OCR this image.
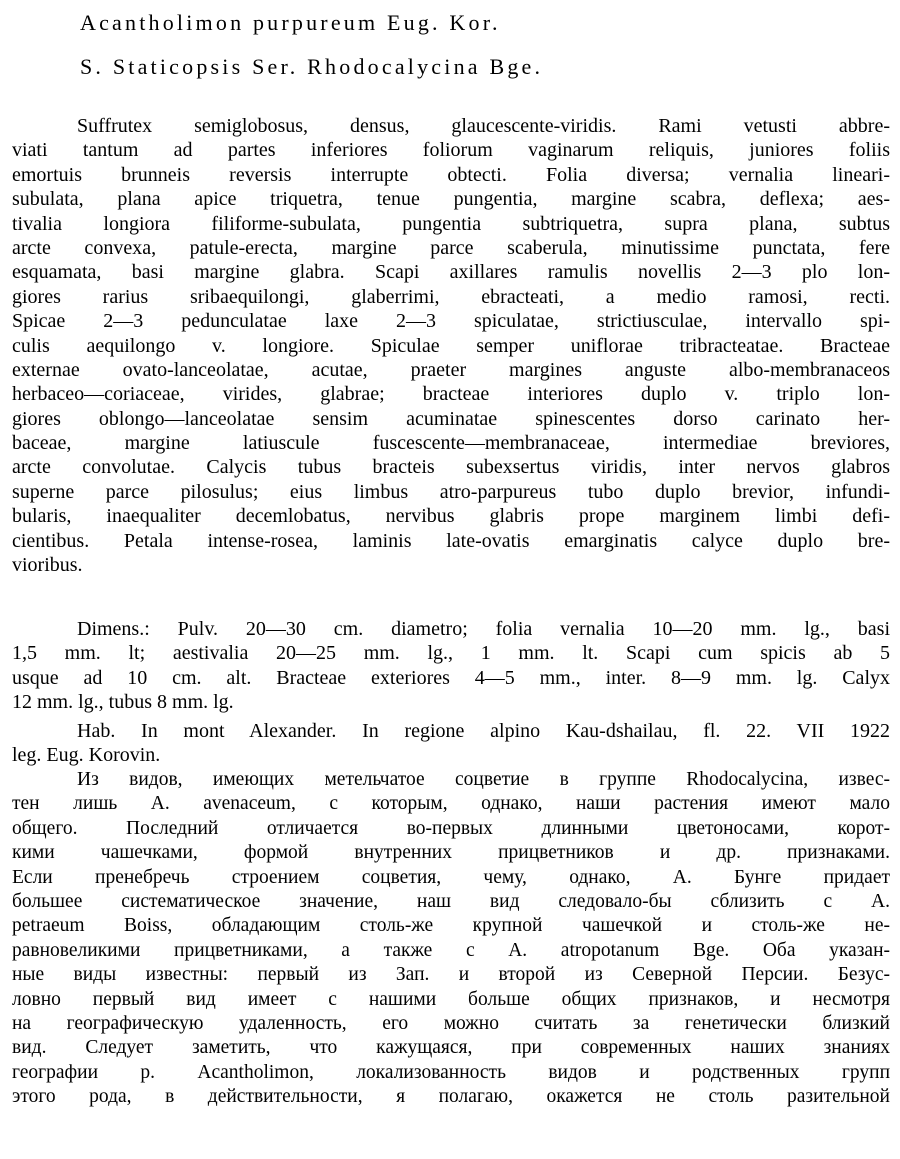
Acantholimon purpureum Eug. Kor.
S. Staticopsis Ser. Rhodocalycina Bge.
Suffrutex semiglobosus, densus, glaucescente-viridis. Rami vetusti abbre-
viati tantum ad partes inferiores foliorum vaginarum reliquis, juniores foliis
emortuis brunneis reversis interrupte obtecti. Folia diversa; vernalia lineari-
subulata, plana apice triquetra, tenue pungentia, margine scabra, deflexa; aes-
tivalia longiora filiforme-subulata, pungentia subtriquetra, supra plana, subtus
arcte convexa, patule-erecta, margine parce scaberula, minutissime punctata, fere
esquamata, basi margine glabra. Scapi axillares ramulis novellis 2—3 plo lon-
giores rarius sribaequilongi, glaberrimi, ebracteati, a medio ramosi, recti.
Spicae 2—3 pedunculatae laxe 2—3 spiculatae, strictiusculae, intervallo spi-
culis aequilongo v. longiore. Spiculae semper uniflorae tribracteatae. Bracteae
externae ovato-lanceolatae, acutae, praeter margines anguste albo-membranaceos
herbaceo—coriaceae, virides, glabrae; bracteae interiores duplo v. triplo lon-
giores oblongo—lanceolatae sensim acuminatae spinescentes dorso carinato her-
baceae, margine latiuscule fuscescente—membranaceae, intermediae breviores,
arcte convolutae. Calycis tubus bracteis subexsertus viridis, inter nervos glabros
superne parce pilosulus; eius limbus atro-parpureus tubo duplo brevior, infundi-
bularis, inaequaliter decemlobatus, nervibus glabris prope marginem limbi defi-
cientibus. Petala intense-rosea, laminis late-ovatis emarginatis calyce duplo bre-
vioribus.
Dimens.: Pulv. 20—30 cm. diametro; folia vernalia 10—20 mm. lg., basi
1,5 mm. lt; aestivalia 20—25 mm. lg., 1 mm. lt. Scapi cum spicis ab 5
usque ad 10 cm. alt. Bracteae exteriores 4—5 mm., inter. 8—9 mm. lg. Calyx
12 mm. lg., tubus 8 mm. lg.
Hab. In mont Alexander. In regione alpino Kau-dshailau, fl. 22. VII 1922
leg. Eug. Korovin.
Из видов, имеющих метельчатое соцветие в группе Rhodocalycina, извес-
тен лишь A. avenaceum, с которым, однако, наши растения имеют мало
общего. Последний отличается во-первых длинными цветоносами, корот-
кими чашечками, формой внутренних прицветников и др. признаками.
Если пренебречь строением соцветия, чему, однако, А. Бунге придает
большее систематическое значение, наш вид следовало-бы сблизить с A.
petraeum Boiss, обладающим столь-же крупной чашечкой и столь-же не-
равновеликими прицветниками, а также с A. atropotanum Bge. Оба указан-
ные виды известны: первый из Зап. и второй из Северной Персии. Безус-
ловно первый вид имеет с нашими больше общих признаков, и несмотря
на географическую удаленность, его можно считать за генетически близкий
вид. Следует заметить, что кажущаяся, при современных наших знаниях
географии р. Acantholimon, локализованность видов и родственных групп
этого рода, в действительности, я полагаю, окажется не столь разительной
